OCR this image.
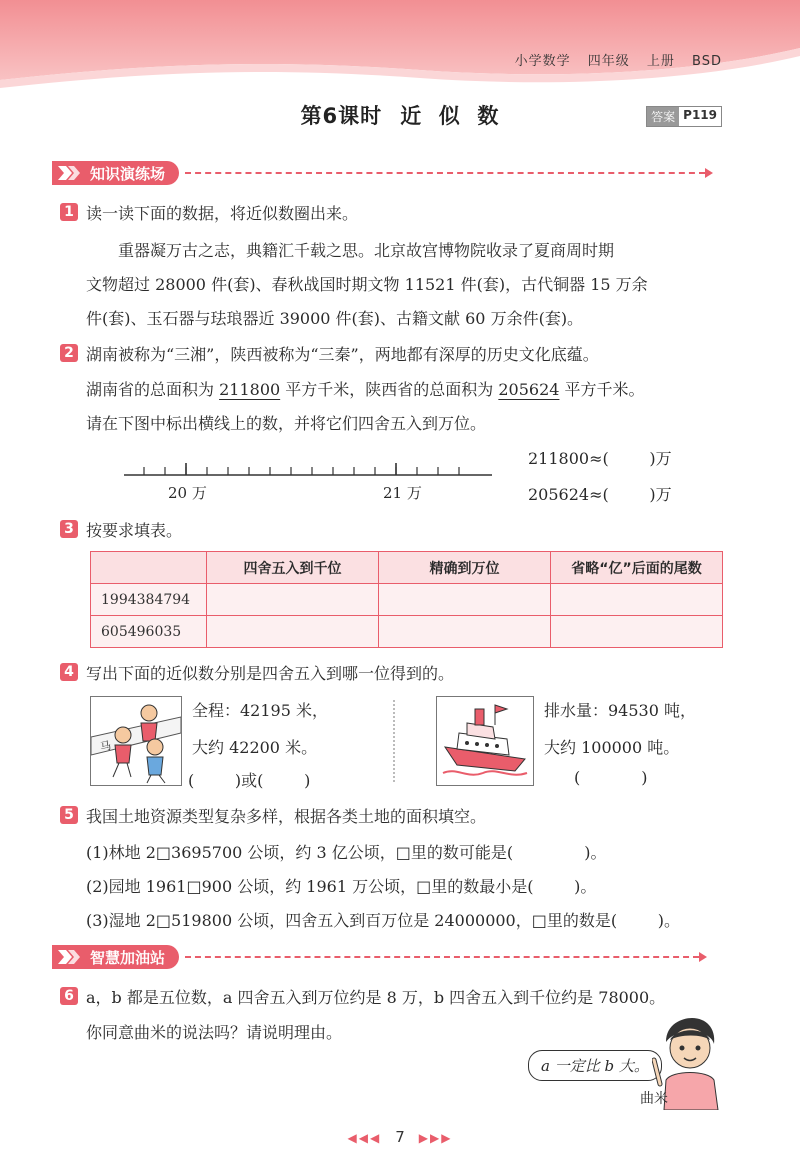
小学数学 四年级 上册 BSD
第6课时 近  似  数	答案 P119
知识演练场
1 读一读下面的数据，将近似数圈出来。
重器凝万古之志，典籍汇千载之思。北京故宫博物院收录了夏商周时期
文物超过 28000 件(套)、春秋战国时期文物 11521 件(套)，古代铜器 15 万余
件(套)、玉石器与珐琅器近 39000 件(套)、古籍文献 60 万余件(套)。
2 湖南被称为“三湘”，陕西被称为“三秦”，两地都有深厚的历史文化底蕴。
湖南省的总面积为 211800 平方千米，陕西省的总面积为 205624 平方千米。
请在下图中标出横线上的数，并将它们四舍五入到万位。
20 万	21 万
211800≈(        )万
205624≈(        )万
3 按要求填表。
	四舍五入到千位	精确到万位	省略“亿”后面的尾数
1994384794			
605496035			
4 写出下面的近似数分别是四舍五入到哪一位得到的。
马
全程：42195 米，
大约 42200 米。
(        )或(        )
排水量：94530 吨，
大约 100000 吨。
(            )
5 我国土地资源类型复杂多样，根据各类土地的面积填空。
(1)林地 2□3695700 公顷，约 3 亿公顷，□里的数可能是(              )。
(2)园地 1961□900 公顷，约 1961 万公顷，□里的数最小是(        )。
(3)湿地 2□519800 公顷，四舍五入到百万位是 24000000，□里的数是(        )。
智慧加油站
6 a，b 都是五位数，a 四舍五入到万位约是 8 万，b 四舍五入到千位约是 78000。
你同意曲米的说法吗？请说明理由。
a 一定比 b 大。
曲米
◀◀◀ 7 ▶▶▶
